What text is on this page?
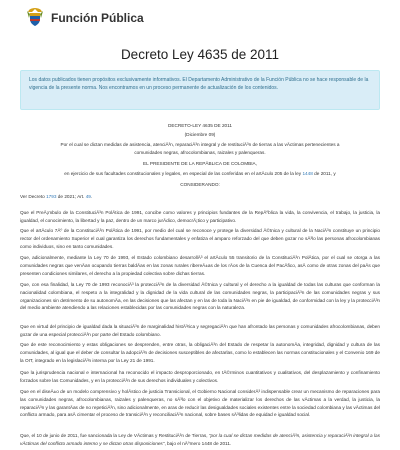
Función Pública
Decreto Ley 4635 de 2011
Los datos publicados tienen propósitos exclusivamente informativos. El Departamento Administrativo de la Función Pública no se hace responsable de la vigencia de la presente norma. Nos encontramos en un proceso permanente de actualización de los contenidos.
DECRETO-LEY 4635 DE 2011
(Diciembre 09)
Por el cual se dictan medidas de asistencia, atenciÃ³n, reparaciÃ³n integral y de restituciÃ³n de tierras a las vÃctimas pertenecientes a comunidades negras, afrocolombianas, raizales y palenqueras.
EL PRESIDENTE DE LA REPÃBLICA DE COLOMBIA,
en ejercicio de sus facultades constitucionales y legales, en especial de las conferidas en el artÃculo 205 de la ley 1448 de 2011, y
CONSIDERANDO:
Ver Decreto 1793 de 2021; Art. 49.

Que el PreÃ¡mbulo de la ConstituciÃ³n PolÃtica de 1991, concibe como valores y principios fundantes de la RepÃºblica la vida, la convivencia, el trabajo, la justicia, la igualdad, el conocimiento, la libertad y la paz, dentro de un marco jurÃdico, democrÃ¡tico y participativo.

Que el artÃculo 7Âº de la ConstituciÃ³n PolÃtica de 1991, por medio del cual se reconoce y protege la diversidad Ã©tnica y cultural de la NaciÃ³n constituye un principio rector del ordenamiento Superior el cual garantiza los derechos fundamentales y enfatiza el amparo reforzado del que deben gozar no sÃ³lo las personas afrocolombianas como individuos, sino en tanto comunidades.

Que, adicionalmente, mediante la Ley 70 de 1993, el Estado colombiano desarrollÃ³ el artÃculo 55 transitorio de la ConstituciÃ³n PolÃtica, por el cual se otorga a las comunidades negras que venÃan ocupando tierras baldÃas en las zonas rurales ribereÃ±as de los rÃos de la Cuenca del PacÃfico, asÃ como de otras zonas del paÃs que presenten condiciones similares, el derecho a la propiedad colectiva sobre dichas tierras.

Que, con esa finalidad, la Ley 70 de 1993 reconociÃ³ la protecciÃ³n de la diversidad Ã©tnica y cultural y el derecho a la igualdad de todas las culturas que conforman la nacionalidad colombiana, el respeto a la integralidad y la dignidad de la vida cultural de las comunidades negras, la participaciÃ³n de las comunidades negras y sus organizaciones sin detrimento de su autonomÃa, en las decisiones que las afectan y en las de toda la NaciÃ³n en pie de igualdad, de conformidad con la ley y la protecciÃ³n del medio ambiente atendiendo a las relaciones establecidas por las comunidades negras con la naturaleza.

Que en virtud del principio de igualdad dada la situaciÃ³n de marginalidad histÃ³rica y segregaciÃ³n que han afrontado las personas y comunidades afrocolombianas, deben gozar de una especial protecciÃ³n por parte del Estado colombiano.

Que de este reconocimiento y estas obligaciones se desprenden, entre otras, la obligaciÃ³n del Estado de respetar la autonomÃa, integridad, dignidad y cultura de las comunidades, al igual que el deber de consultar la adopciÃ³n de decisiones susceptibles de afectarlas, como lo establecen las normas constitucionales y el Convenio 169 de la OIT, integrado en la legislaciÃ³n interna por la Ley 21 de 1991.

Que la jurisprudencia nacional e internacional ha reconocido el impacto desproporcionado, en tÃ©rminos cuantitativos y cualitativos, del desplazamiento y confinamiento forzados sobre las Comunidades, y en la protecciÃ³n de sus derechos individuales y colectivos.

Que en el diseÃ±o de un modelo comprensivo y holÃstico de justicia Transicional, el Gobierno Nacional considerÃ³ indispensable crear un mecanismo de reparaciones para las comunidades negras, afrocolombianas, raizales y palenqueras, no sÃ³lo con el objetivo de materializar los derechos de las vÃctimas a la verdad, la justicia, la reparaciÃ³n y las garantÃas de no repeticiÃ³n, sino adicionalmente, en aras de reducir las desigualdades sociales existentes entre la sociedad colombiana y las vÃctimas del conflicto armado, para asÃ cimentar el proceso de transiciÃ³n y reconciliaciÃ³n nacional, sobre bases sÃ³lidas de equidad e igualdad social.

Que, el 10 de junio de 2011, fue sancionada la Ley de VÃctimas y RestituciÃ³n de Tierras, "por la cual se dictan medidas de atenciÃ³n, asistencia y reparaciÃ³n integral a las vÃctimas del conflicto armado interno y se dictan otras disposiciones", bajo el nÃºmero 1448 de 2011.
